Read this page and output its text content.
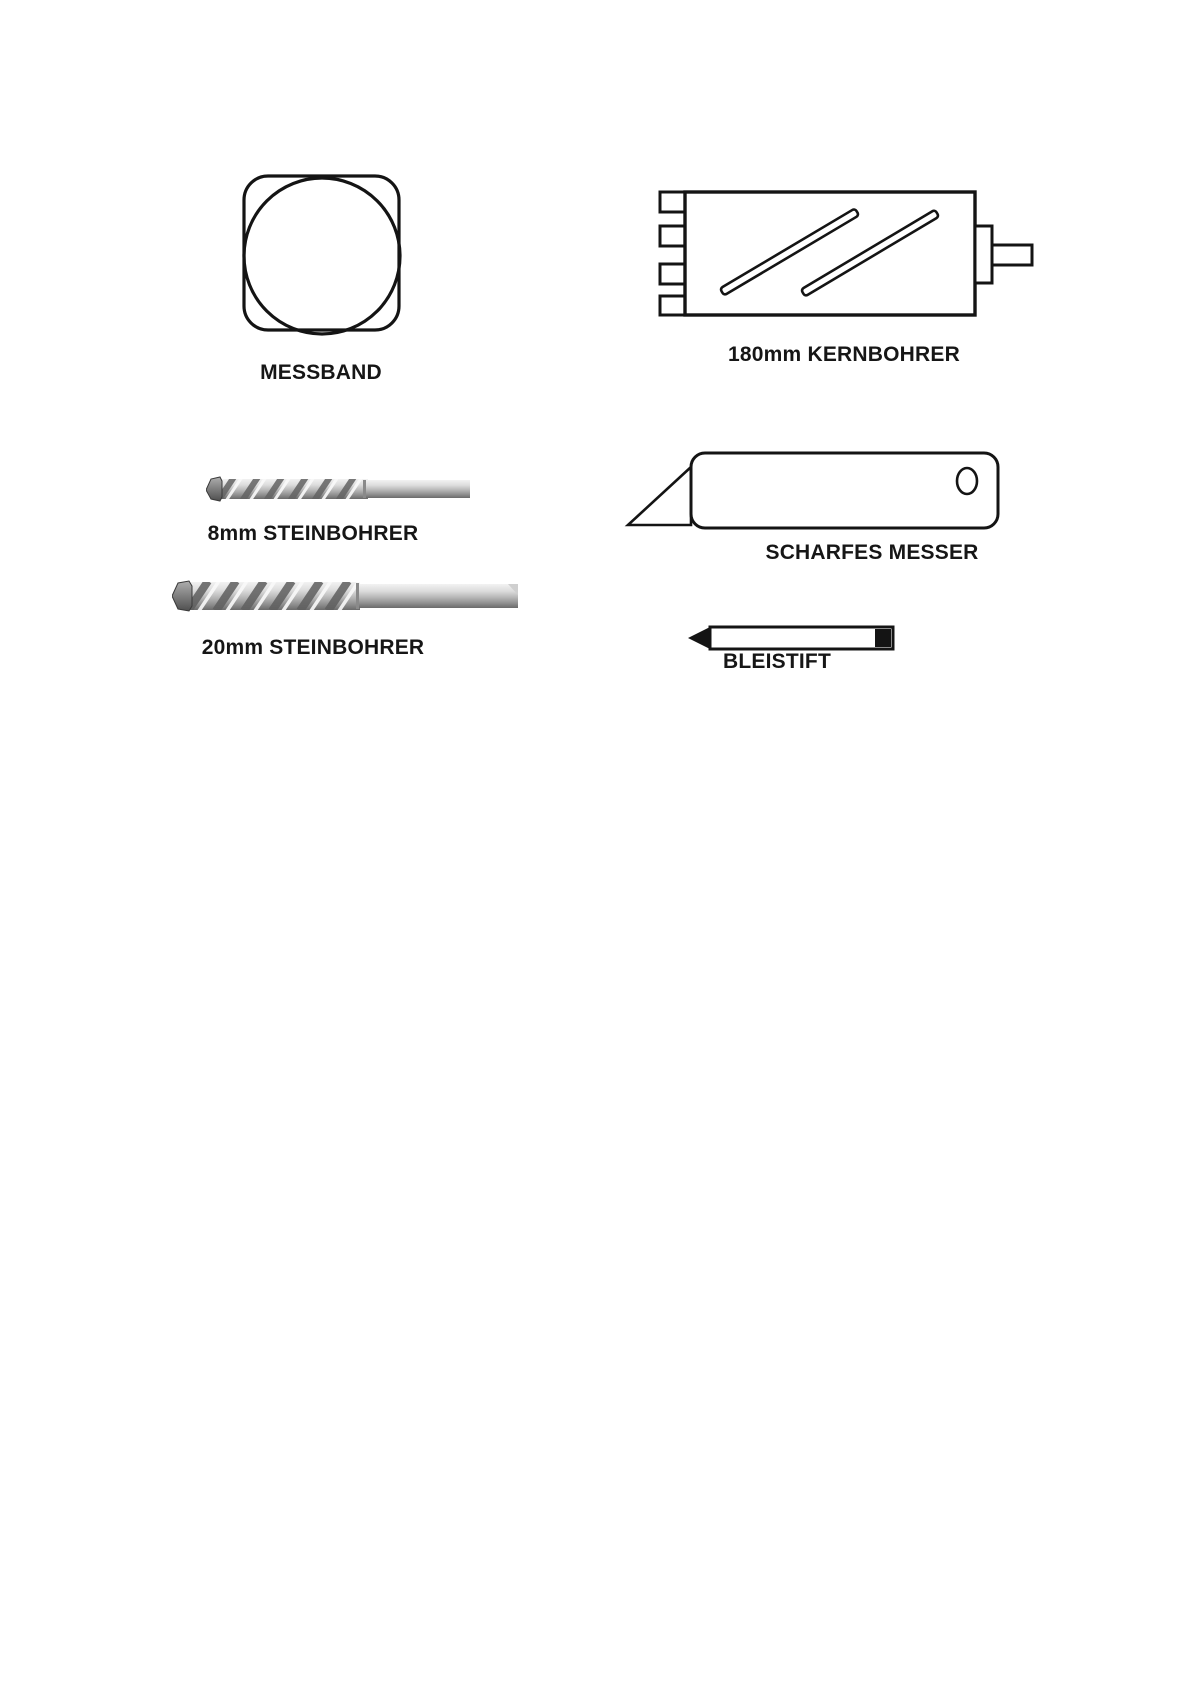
MESSBAND
180mm KERNBOHRER
8mm STEINBOHRER
20mm STEINBOHRER
SCHARFES MESSER
BLEISTIFT
